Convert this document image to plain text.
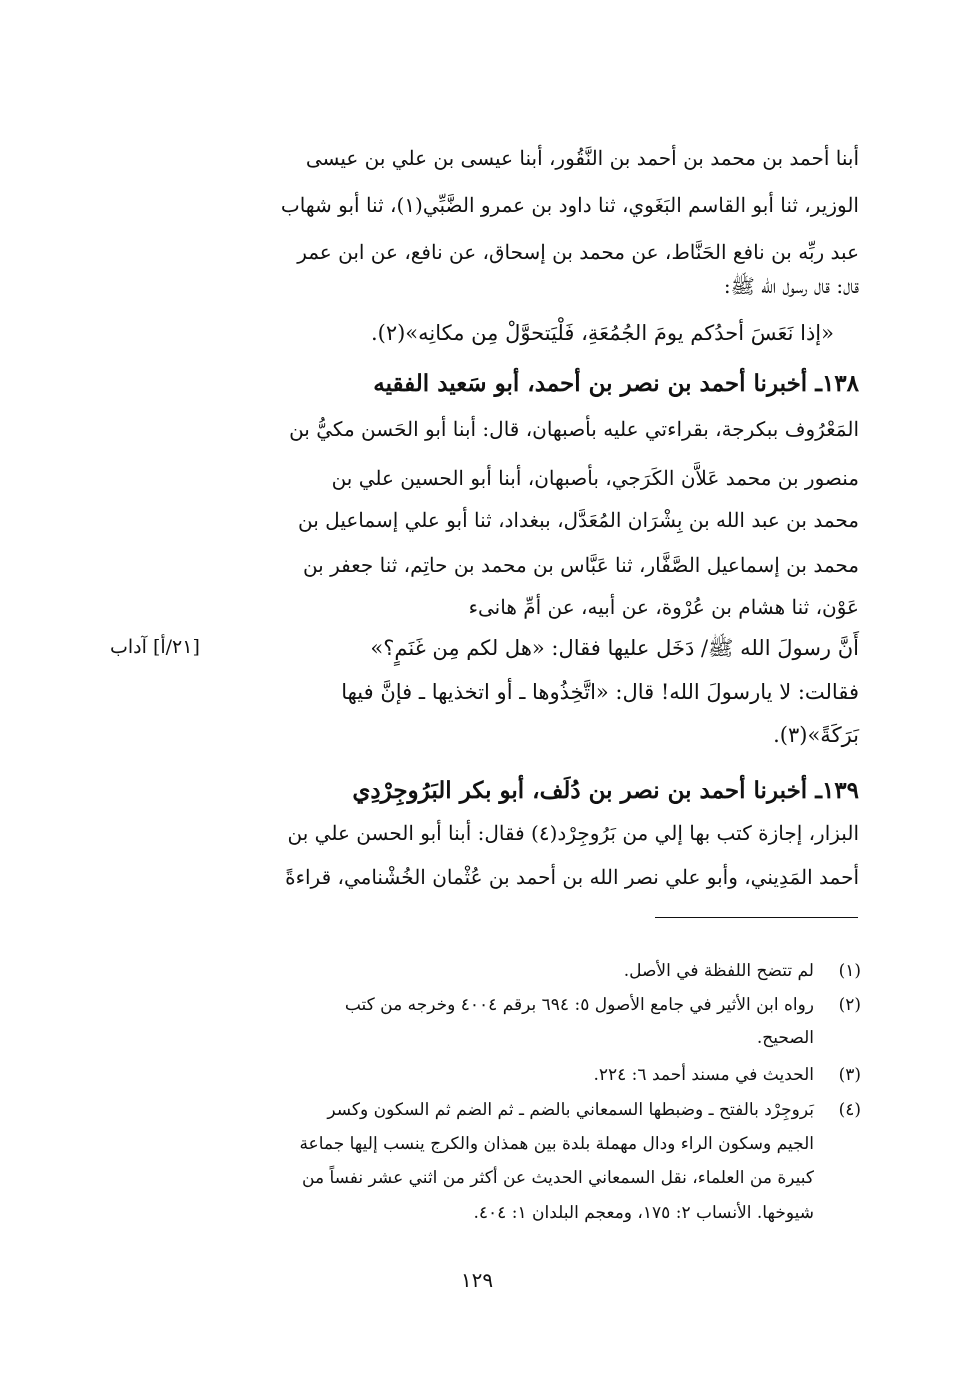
أبنا أحمد بن محمد بن أحمد بن النَّقُور، أبنا عيسى بن علي بن عيسى
الوزير، ثنا أبو القاسم البَغَوي، ثنا داود بن عمرو الضَّبِّي(١)، ثنا أبو شهاب
عبد ربِّه بن نافع الحَنَّاط، عن محمد بن إسحاق، عن نافع، عن ابن عمر
قال: قال رسول الله ﷺ:
«إذا نَعَسَ أحدُكم يومَ الجُمُعَةِ، فَلْيَتحوَّلْ مِن مكانِه»(٢).
١٣٨ـ أخبرنا أحمد بن نصر بن أحمد، أبو سَعيد الفقيه
المَعْرُوف ببكرجة، بقراءتي عليه بأصبهان، قال: أبنا أبو الحَسن مكيُّ بن
منصور بن محمد عَلاَّن الكَرَجي، بأصبهان، أبنا أبو الحسين علي بن
محمد بن عبد الله بن بِشْرَان المُعَدَّل، ببغداد، ثنا أبو علي إسماعيل بن
محمد بن إسماعيل الصَّفَّار، ثنا عَبَّاس بن محمد بن حاتِم، ثنا جعفر بن
عَوْن، ثنا هشام بن عُرْوة، عن أبيه، عن أمِّ هانىء
أَنَّ رسولَ الله ﷺ/ دَخَل عليها فقال: «هل لكم مِن غَنَمٍ؟»
[٢١/أ] آداب
فقالت: لا يارسولَ الله! قال: «اتَّخِذُوها ـ أو اتخذيها ـ فإنَّ فيها
بَرَكَةً»(٣).
١٣٩ـ أخبرنا أحمد بن نصر بن دُلَف، أبو بكر البَرُوجِرْدِي
البزار، إجازة كتب بها إلي من بَرُوجِرْد(٤) فقال: أبنا أبو الحسن علي بن
أحمد المَدِيني، وأبو علي نصر الله بن أحمد بن عُثْمان الخُشْنامي، قراءةً
(١)
لم تتضح اللفظة في الأصل.
(٢)
رواه ابن الأثير في جامع الأصول ٥: ٦٩٤ برقم ٤٠٠٤ وخرجه من كتب
الصحيح.
(٣)
الحديث في مسند أحمد ٦: ٢٢٤.
(٤)
بَروجِرْد بالفتح ـ وضبطها السمعاني بالضم ـ ثم الضم ثم السكون وكسر
الجيم وسكون الراء ودال مهملة بلدة بين همذان والكرج ينسب إليها جماعة
كبيرة من العلماء، نقل السمعاني الحديث عن أكثر من اثني عشر نفساً من
شيوخها. الأنساب ٢: ١٧٥، ومعجم البلدان ١: ٤٠٤.
١٢٩
